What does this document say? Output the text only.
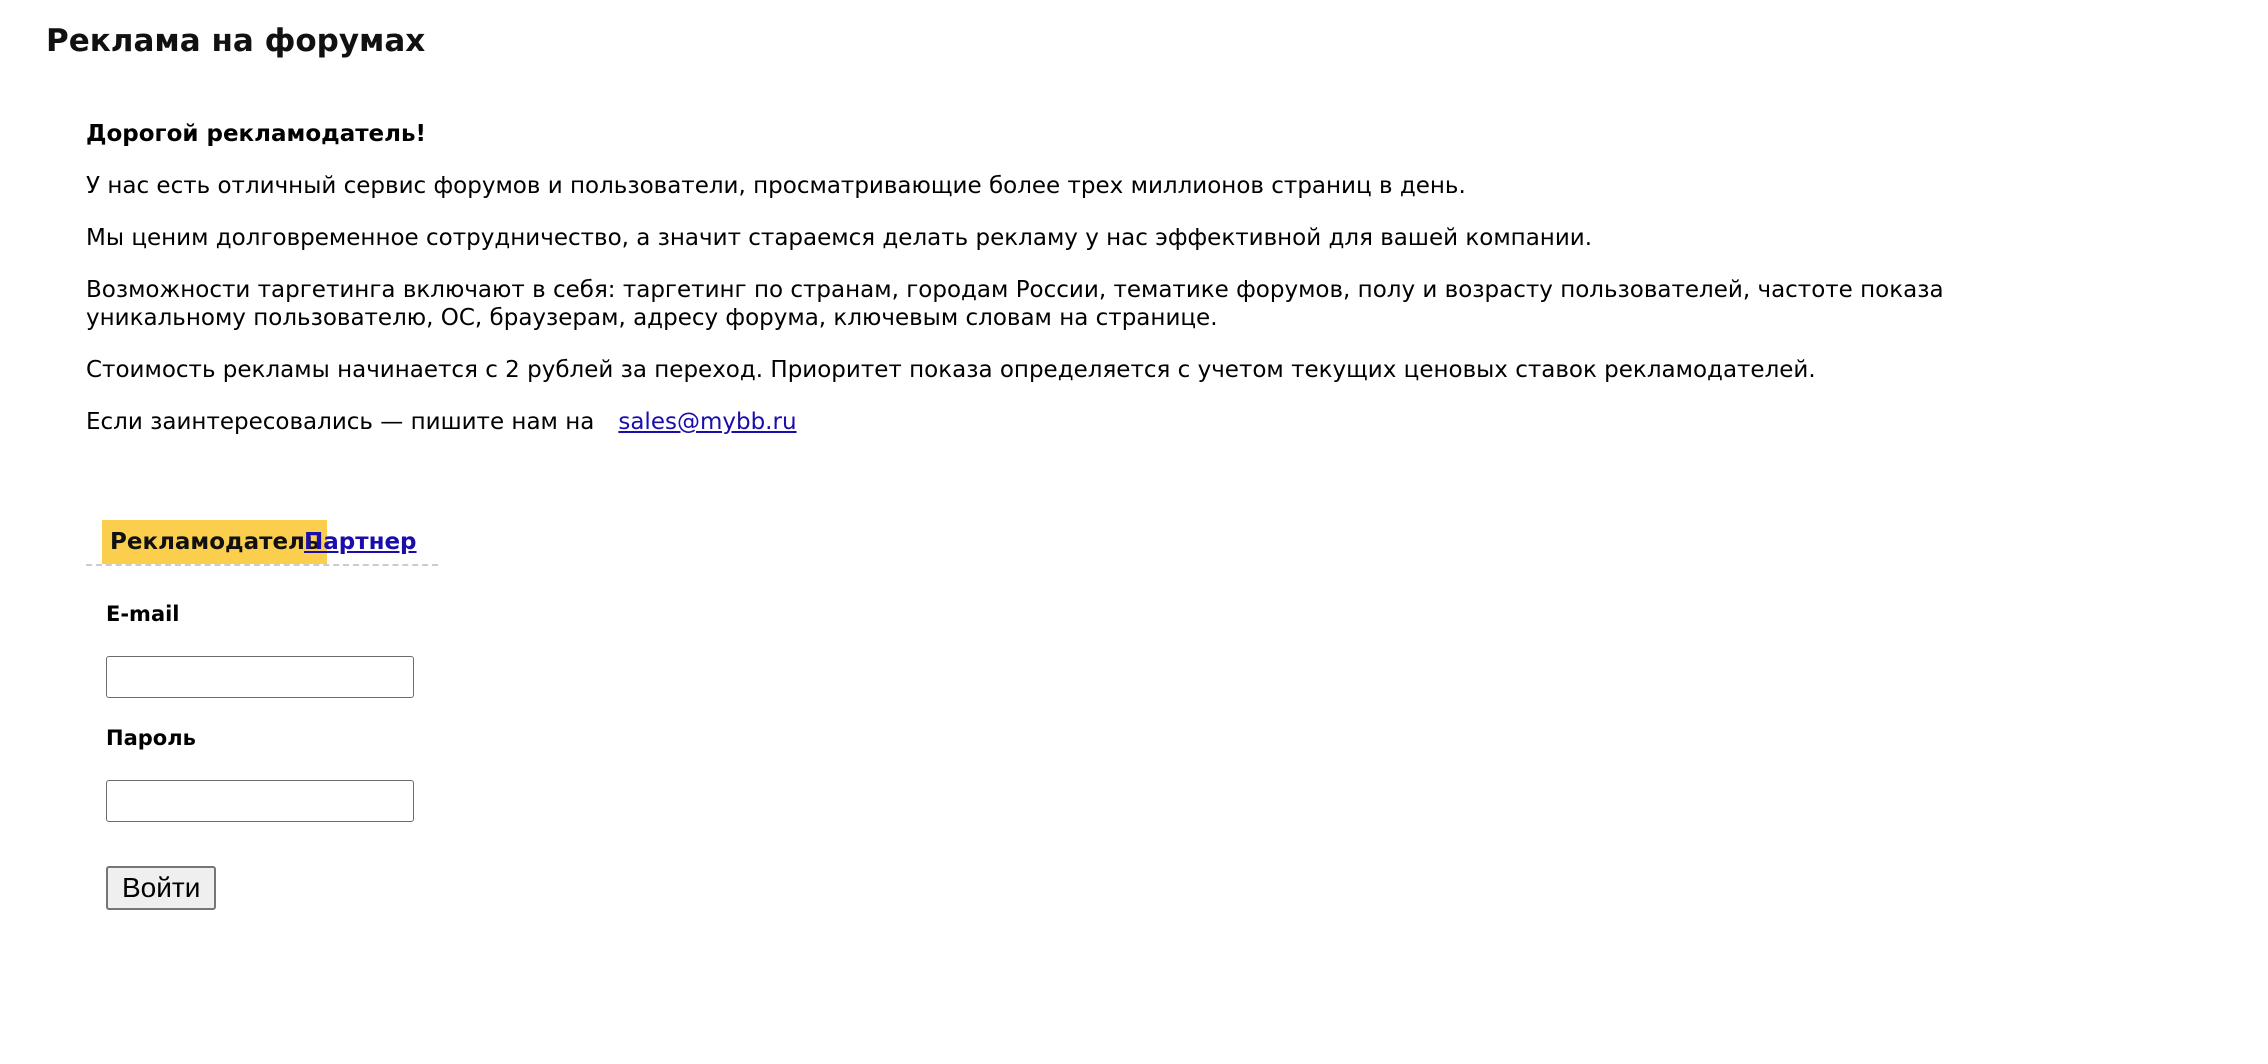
Реклама на форумах

Дорогой рекламодатель!

У нас есть отличный сервис форумов и пользователи, просматривающие более трех миллионов страниц в день.

Мы ценим долговременное сотрудничество, а значит стараемся делать рекламу у нас эффективной для вашей компании.

Возможности таргетинга включают в себя: таргетинг по странам, городам России, тематике форумов, полу и возрасту пользователей, частоте показа уникальному пользователю, ОС, браузерам, адресу форума, ключевым словам на странице.

Стоимость рекламы начинается с 2 рублей за переход. Приоритет показа определяется с учетом текущих ценовых ставок рекламодателей.

Если заинтересовались — пишите нам на sales@mybb.ru

Рекламодатель
Партнер
E-mail
Пароль
Войти
